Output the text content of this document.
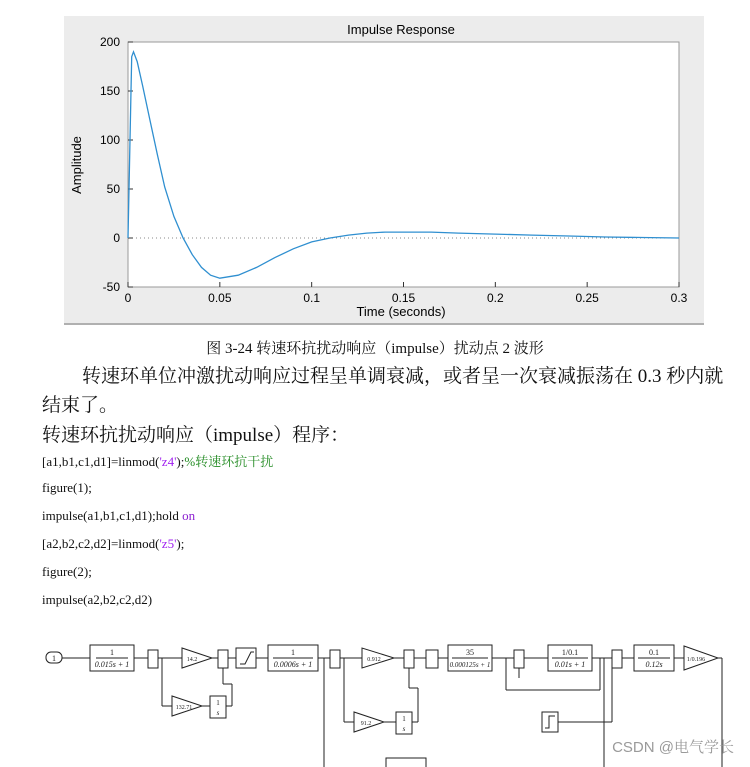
0	0.05	0.1	0.15	0.2	0.25	0.3
-50
0
50
100
150
200
Impulse Response
Time (seconds)
Amplitude
图 3-24 转速环抗扰动响应（impulse）扰动点 2 波形
转速环单位冲激扰动响应过程呈单调衰减，或者呈一次衰减振荡在 0.3 秒内就结束了。
转速环抗扰动响应（impulse）程序：
[a1,b1,c1,d1]=linmod('z4');%转速环抗干扰
figure(1);
impulse(a1,b1,c1,d1);hold on
[a2,b2,c2,d2]=linmod('z5');
figure(2);
impulse(a2,b2,c2,d2)
1
1
0.015s + 1	14.2
132.71
1
s
1
0.0006s + 1	0.912
91.2
1
s
35
0.000125s + 1
1/0.1
0.01s + 1
0.1
0.12s	1/0.196
CSDN @电气学长
